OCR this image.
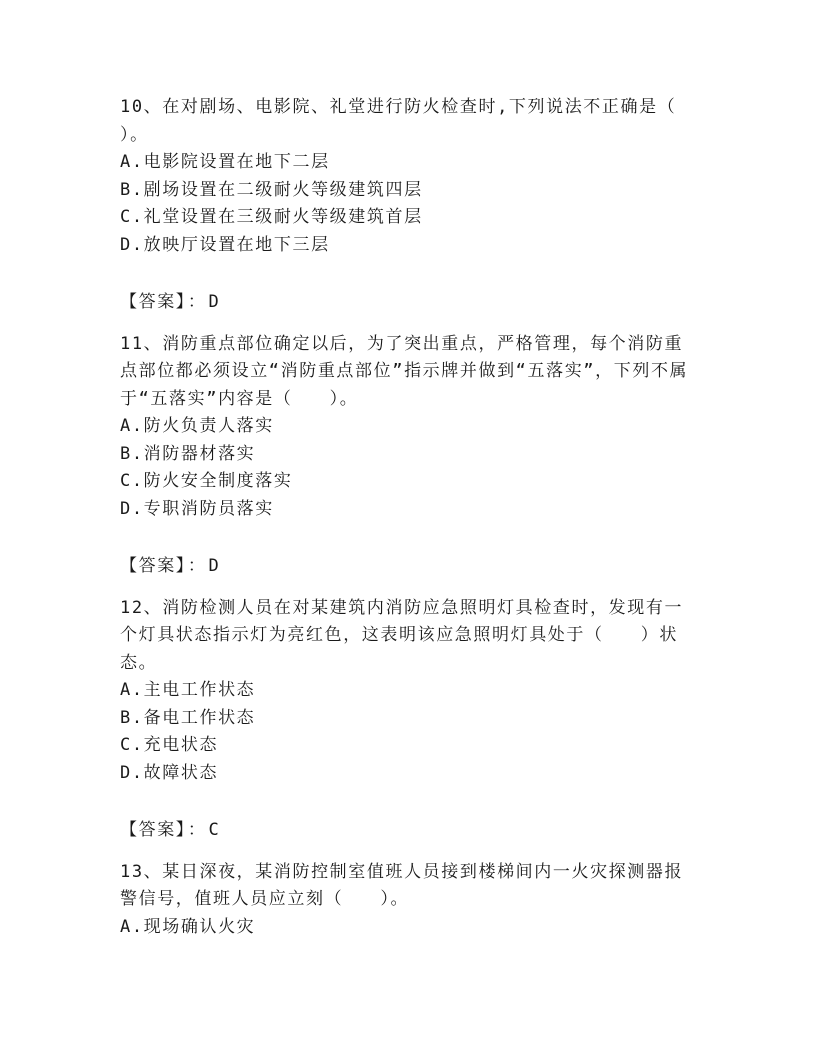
10、在对剧场、电影院、礼堂进行防火检查时,下列说法不正确是（　　）。

A.电影院设置在地下二层

B.剧场设置在二级耐火等级建筑四层

C.礼堂设置在三级耐火等级建筑首层

D.放映厅设置在地下三层

【答案】 ： D

11、消防重点部位确定以后，为了突出重点，严格管理，每个消防重点部位都必须设立“消防重点部位”指示牌并做到“五落实”，下列不属于“五落实”内容是（　　）。

A.防火负责人落实

B.消防器材落实

C.防火安全制度落实

D.专职消防员落实

【答案】 ： D

12、消防检测人员在对某建筑内消防应急照明灯具检查时，发现有一个灯具状态指示灯为亮红色，这表明该应急照明灯具处于（　　）状态。

A.主电工作状态

B.备电工作状态

C.充电状态

D.故障状态

【答案】 ： C

13、某日深夜，某消防控制室值班人员接到楼梯间内一火灾探测器报警信号，值班人员应立刻（　　）。

A.现场确认火灾
